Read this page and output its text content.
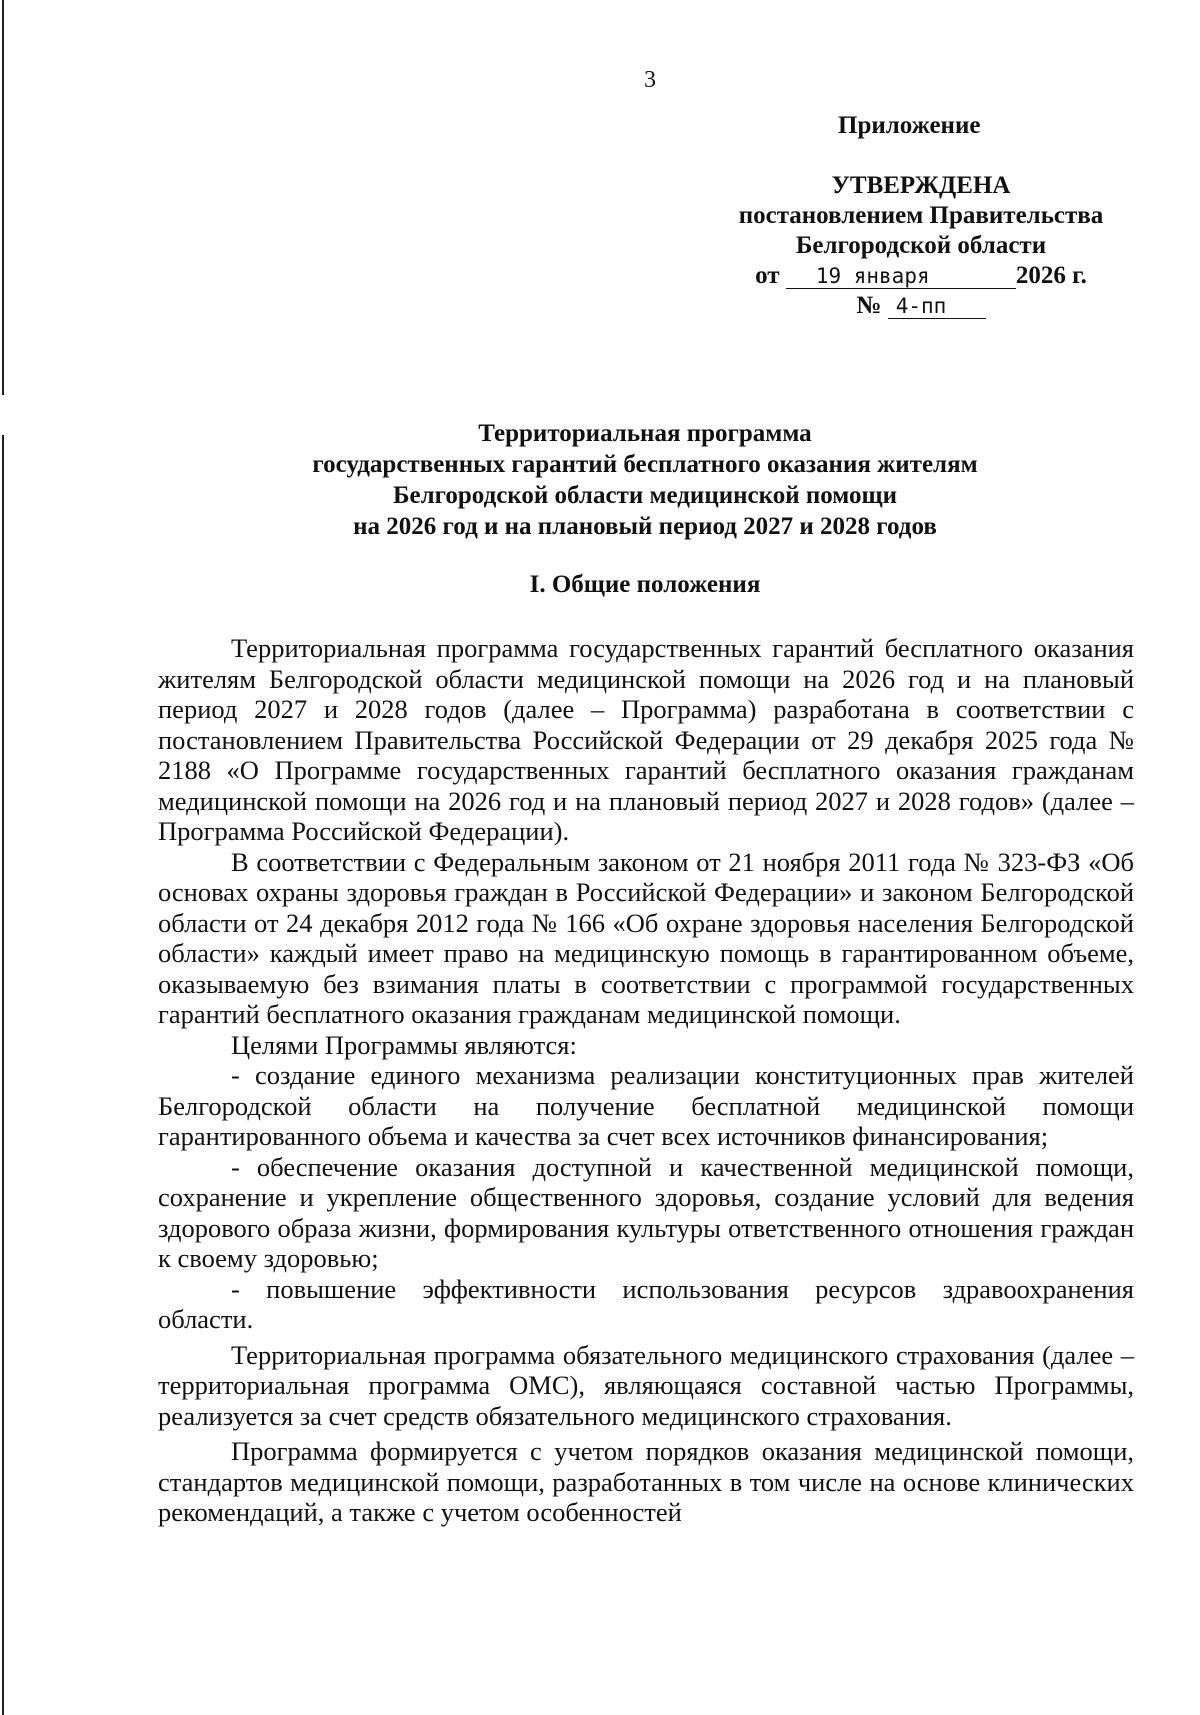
3
Приложение
УТВЕРЖДЕНА
постановлением Правительства
Белгородской области
от 19 января	2026 г.
№ 4-пп
Территориальная программа
государственных гарантий бесплатного оказания жителям
Белгородской области медицинской помощи
на 2026 год и на плановый период 2027 и 2028 годов
I. Общие положения

Территориальная программа государственных гарантий бесплатного оказания жителям Белгородской области медицинской помощи на 2026 год и на плановый период 2027 и 2028 годов (далее – Программа) разработана в соответствии с постановлением Правительства Российской Федерации от 29 декабря 2025 года № 2188 «О Программе государственных гарантий бесплатного оказания гражданам медицинской помощи на 2026 год и на плановый период 2027 и 2028 годов» (далее – Программа Российской Федерации).

В соответствии с Федеральным законом от 21 ноября 2011 года № 323-ФЗ «Об основах охраны здоровья граждан в Российской Федерации» и законом Белгородской области от 24 декабря 2012 года № 166 «Об охране здоровья населения Белгородской области» каждый имеет право на медицинскую помощь в гарантированном объеме, оказываемую без взимания платы в соответствии с программой государственных гарантий бесплатного оказания гражданам медицинской помощи.

Целями Программы являются:

- создание единого механизма реализации конституционных прав жителей Белгородской области на получение бесплатной медицинской помощи гарантированного объема и качества за счет всех источников финансирования;

- обеспечение оказания доступной и качественной медицинской помощи, сохранение и укрепление общественного здоровья, создание условий для ведения здорового образа жизни, формирования культуры ответственного отношения граждан к своему здоровью;

- повышение эффективности использования ресурсов здравоохранения области.

Территориальная программа обязательного медицинского страхования (далее – территориальная программа ОМС), являющаяся составной частью Программы, реализуется за счет средств обязательного медицинского страхования.

Программа формируется с учетом порядков оказания медицинской помощи, стандартов медицинской помощи, разработанных в том числе на основе клинических рекомендаций, а также с учетом особенностей
